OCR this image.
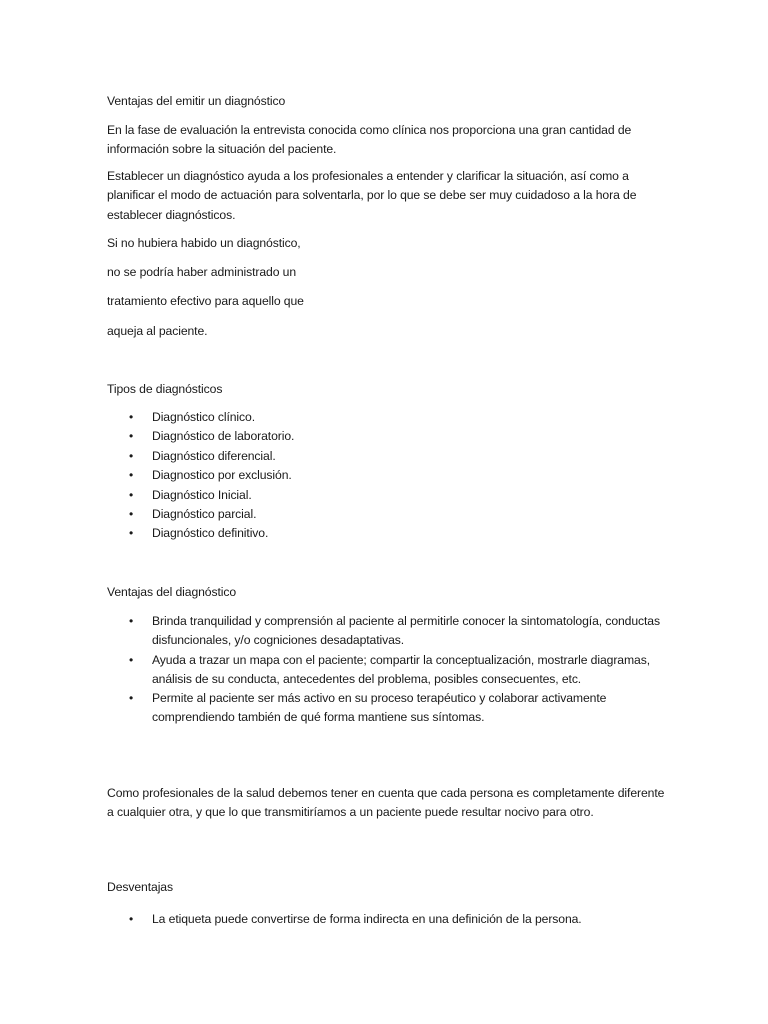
Ventajas del emitir un diagnóstico

En la fase de evaluación la entrevista conocida como clínica nos proporciona una gran cantidad de información sobre la situación del paciente.

Establecer un diagnóstico ayuda a los profesionales a entender y clarificar la situación, así como a planificar el modo de actuación para solventarla, por lo que se debe ser muy cuidadoso a la hora de establecer diagnósticos.

Si no hubiera habido un diagnóstico,

no se podría haber administrado un

tratamiento efectivo para aquello que

aqueja al paciente.

Tipos de diagnósticos

• Diagnóstico clínico.
• Diagnóstico de laboratorio.
• Diagnóstico diferencial.
• Diagnostico por exclusión.
• Diagnóstico Inicial.
• Diagnóstico parcial.
• Diagnóstico definitivo.

Ventajas del diagnóstico

• Brinda tranquilidad y comprensión al paciente al permitirle conocer la sintomatología, conductas disfuncionales, y/o cogniciones desadaptativas.
• Ayuda a trazar un mapa con el paciente; compartir la conceptualización, mostrarle diagramas, análisis de su conducta, antecedentes del problema, posibles consecuentes, etc.
• Permite al paciente ser más activo en su proceso terapéutico y colaborar activamente comprendiendo también de qué forma mantiene sus síntomas.

Como profesionales de la salud debemos tener en cuenta que cada persona es completamente diferente a cualquier otra, y que lo que transmitiríamos a un paciente puede resultar nocivo para otro.

Desventajas

• La etiqueta puede convertirse de forma indirecta en una definición de la persona.
